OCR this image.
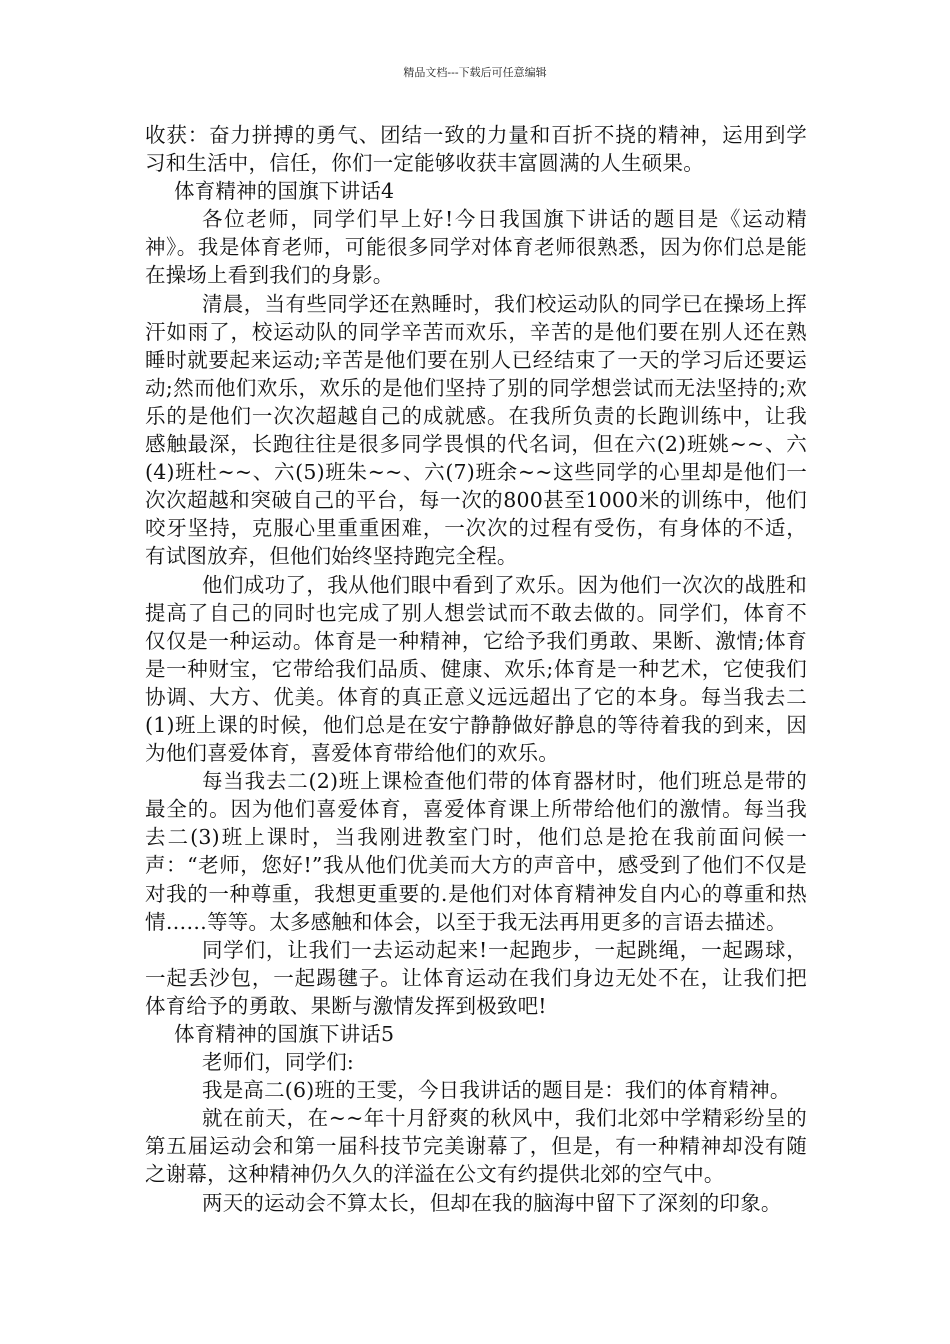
精品文档---下载后可任意编辑

收获：奋力拼搏的勇气、团结一致的力量和百折不挠的精神，运用到学习和生活中，信任，你们一定能够收获丰富圆满的人生硕果。

体育精神的国旗下讲话4

各位老师，同学们早上好!今日我国旗下讲话的题目是《运动精神》。我是体育老师，可能很多同学对体育老师很熟悉，因为你们总是能在操场上看到我们的身影。

清晨，当有些同学还在熟睡时，我们校运动队的同学已在操场上挥汗如雨了，校运动队的同学辛苦而欢乐，辛苦的是他们要在别人还在熟睡时就要起来运动;辛苦是他们要在别人已经结束了一天的学习后还要运动;然而他们欢乐，欢乐的是他们坚持了别的同学想尝试而无法坚持的;欢乐的是他们一次次超越自己的成就感。在我所负责的长跑训练中，让我感触最深，长跑往往是很多同学畏惧的代名词，但在六(2)班姚~~、六(4)班杜~~、六(5)班朱~~、六(7)班余~~这些同学的心里却是他们一次次超越和突破自己的平台，每一次的800甚至1000米的训练中，他们咬牙坚持，克服心里重重困难，一次次的过程有受伤，有身体的不适，有试图放弃，但他们始终坚持跑完全程。

他们成功了，我从他们眼中看到了欢乐。因为他们一次次的战胜和提高了自己的同时也完成了别人想尝试而不敢去做的。同学们，体育不仅仅是一种运动。体育是一种精神，它给予我们勇敢、果断、激情;体育是一种财宝，它带给我们品质、健康、欢乐;体育是一种艺术，它使我们协调、大方、优美。体育的真正意义远远超出了它的本身。每当我去二(1)班上课的时候，他们总是在安宁静静做好静息的等待着我的到来，因为他们喜爱体育，喜爱体育带给他们的欢乐。

每当我去二(2)班上课检查他们带的体育器材时，他们班总是带的最全的。因为他们喜爱体育，喜爱体育课上所带给他们的激情。每当我去二(3)班上课时，当我刚进教室门时，他们总是抢在我前面问候一声：“老师，您好!”我从他们优美而大方的声音中，感受到了他们不仅是对我的一种尊重，我想更重要的.是他们对体育精神发自内心的尊重和热情……等等。太多感触和体会，以至于我无法再用更多的言语去描述。

同学们，让我们一去运动起来!一起跑步，一起跳绳，一起踢球，一起丢沙包，一起踢毽子。让体育运动在我们身边无处不在，让我们把体育给予的勇敢、果断与激情发挥到极致吧!

体育精神的国旗下讲话5

老师们，同学们:

我是高二(6)班的王雯，今日我讲话的题目是：我们的体育精神。

就在前天，在~~年十月舒爽的秋风中，我们北郊中学精彩纷呈的第五届运动会和第一届科技节完美谢幕了，但是，有一种精神却没有随之谢幕，这种精神仍久久的洋溢在公文有约提供北郊的空气中。

两天的运动会不算太长，但却在我的脑海中留下了深刻的印象。
